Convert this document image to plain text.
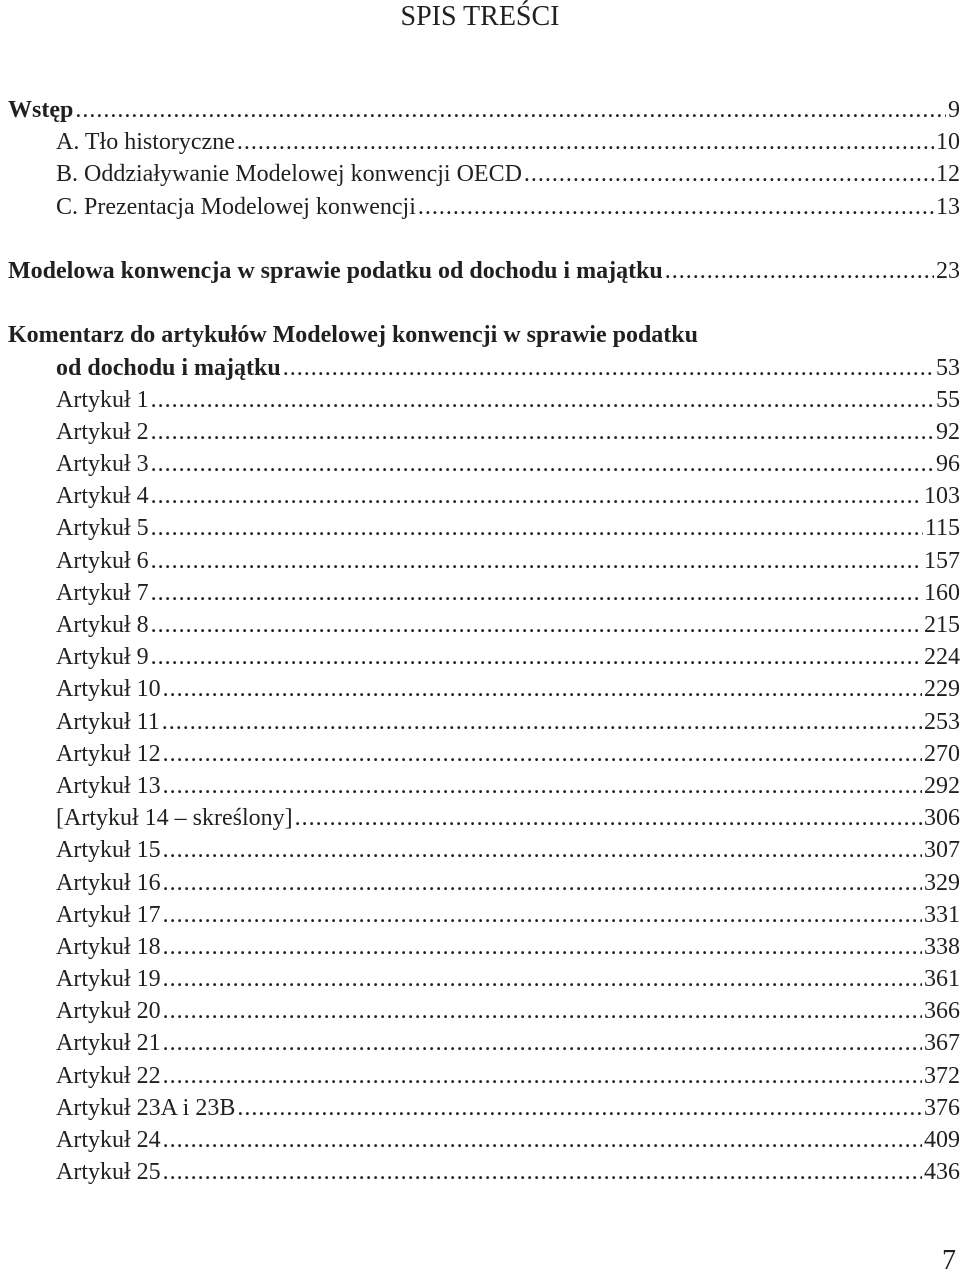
SPIS TREŚCI
Wstęp .....	9
A. Tło historyczne .....	10
B. Oddziaływanie Modelowej konwencji OECD .....	12
C. Prezentacja Modelowej konwencji .....	13
Modelowa konwencja w sprawie podatku od dochodu i majątku .....	23
Komentarz do artykułów Modelowej konwencji w sprawie podatku
od dochodu i majątku .....	53
Artykuł 1 .....	55
Artykuł 2 .....	92
Artykuł 3 .....	96
Artykuł 4 .....	103
Artykuł 5 .....	115
Artykuł 6 .....	157
Artykuł 7 .....	160
Artykuł 8 .....	215
Artykuł 9 .....	224
Artykuł 10 .....	229
Artykuł 11 .....	253
Artykuł 12 .....	270
Artykuł 13 .....	292
[Artykuł 14 – skreślony] .....	306
Artykuł 15 .....	307
Artykuł 16 .....	329
Artykuł 17 .....	331
Artykuł 18 .....	338
Artykuł 19 .....	361
Artykuł 20 .....	366
Artykuł 21 .....	367
Artykuł 22 .....	372
Artykuł 23A i 23B .....	376
Artykuł 24 .....	409
Artykuł 25 .....	436
7
